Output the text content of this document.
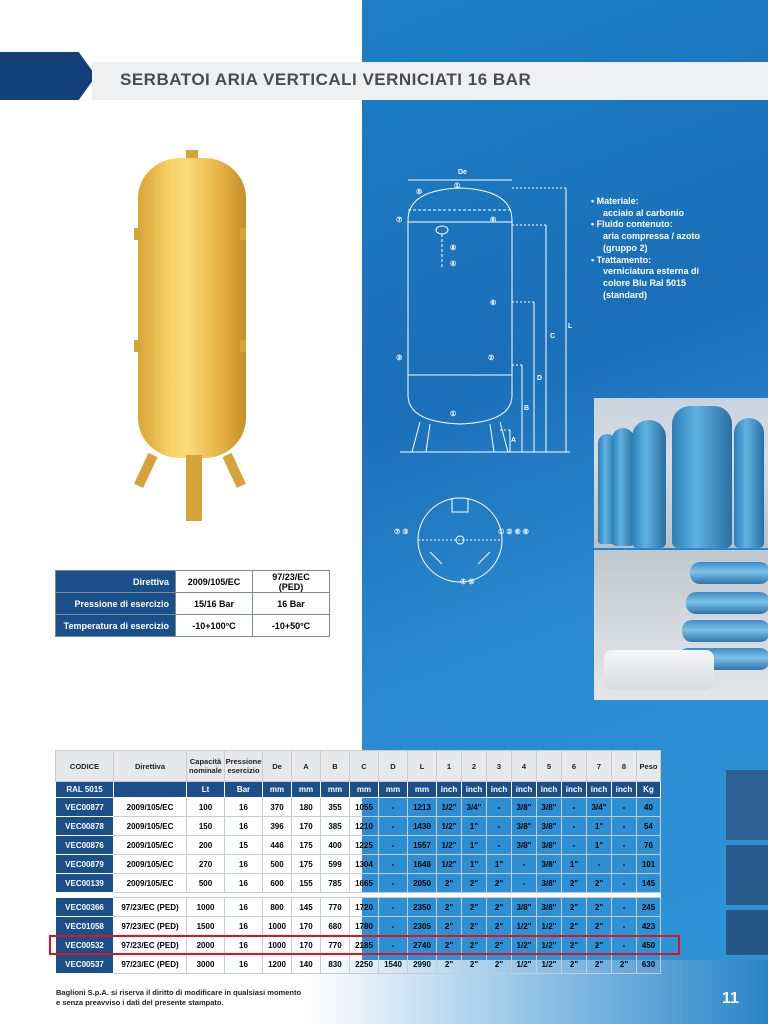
SERBATOI ARIA VERTICALI VERNICIATI 16 BAR
De
L
C
D
B
A
①
⑤
⑦	⑥
⑧
④
⑥
③	②
①
⑦ ③	① ② ⑥ ⑧
④ ⑤
• Materiale:
acciaio al carbonio
• Fluido contenuto:
aria compressa / azoto (gruppo 2)
• Trattamento:
verniciatura esterna di colore Blu Ral 5015 (standard)
Direttiva	2009/105/EC	97/23/EC (PED)
Pressione di esercizio	15/16 Bar	16 Bar
Temperatura di esercizio	-10+100°C	-10+50°C
CODICE	Direttiva	Capacità nominale	Pressione esercizio	De	A	B	C	D	L	1	2	3	4	5	6	7	8	Peso
RAL 5015		Lt	Bar	mm	mm	mm	mm	mm	mm	inch	inch	inch	inch	inch	inch	inch	inch	Kg
VEC00877	2009/105/EC	100	16	370	180	355	1055	-	1213	1/2"	3/4"	-	3/8"	3/8"	-	3/4"	-	40
VEC00878	2009/105/EC	150	16	396	170	385	1210	-	1430	1/2"	1"	-	3/8"	3/8"	-	1"	-	54
VEC00876	2009/105/EC	200	15	446	175	400	1225	-	1557	1/2"	1"	-	3/8"	3/8"	-	1"	-	76
VEC00879	2009/105/EC	270	16	500	175	599	1304	-	1648	1/2"	1"	1"	-	3/8"	1"	-	-	101
VEC00139	2009/105/EC	500	16	600	155	785	1665	-	2050	2"	2"	2"	-	3/8"	2"	2"	-	145

VEC00366	97/23/EC (PED)	1000	16	800	145	770	1720	-	2350	2"	2"	2"	3/8"	3/8"	2"	2"	-	245
VEC01058	97/23/EC (PED)	1500	16	1000	170	680	1780	-	2305	2"	2"	2"	1/2"	1/2"	2"	2"	-	423
VEC00532	97/23/EC (PED)	2000	16	1000	170	770	2185	-	2740	2"	2"	2"	1/2"	1/2"	2"	2"	-	450
VEC00537	97/23/EC (PED)	3000	16	1200	140	830	2250	1540	2990	2"	2"	2"	1/2"	1/2"	2"	2"	2"	630
Baglioni S.p.A. si riserva il diritto di modificare in qualsiasi momento
e senza preavviso i dati del presente stampato.	11
